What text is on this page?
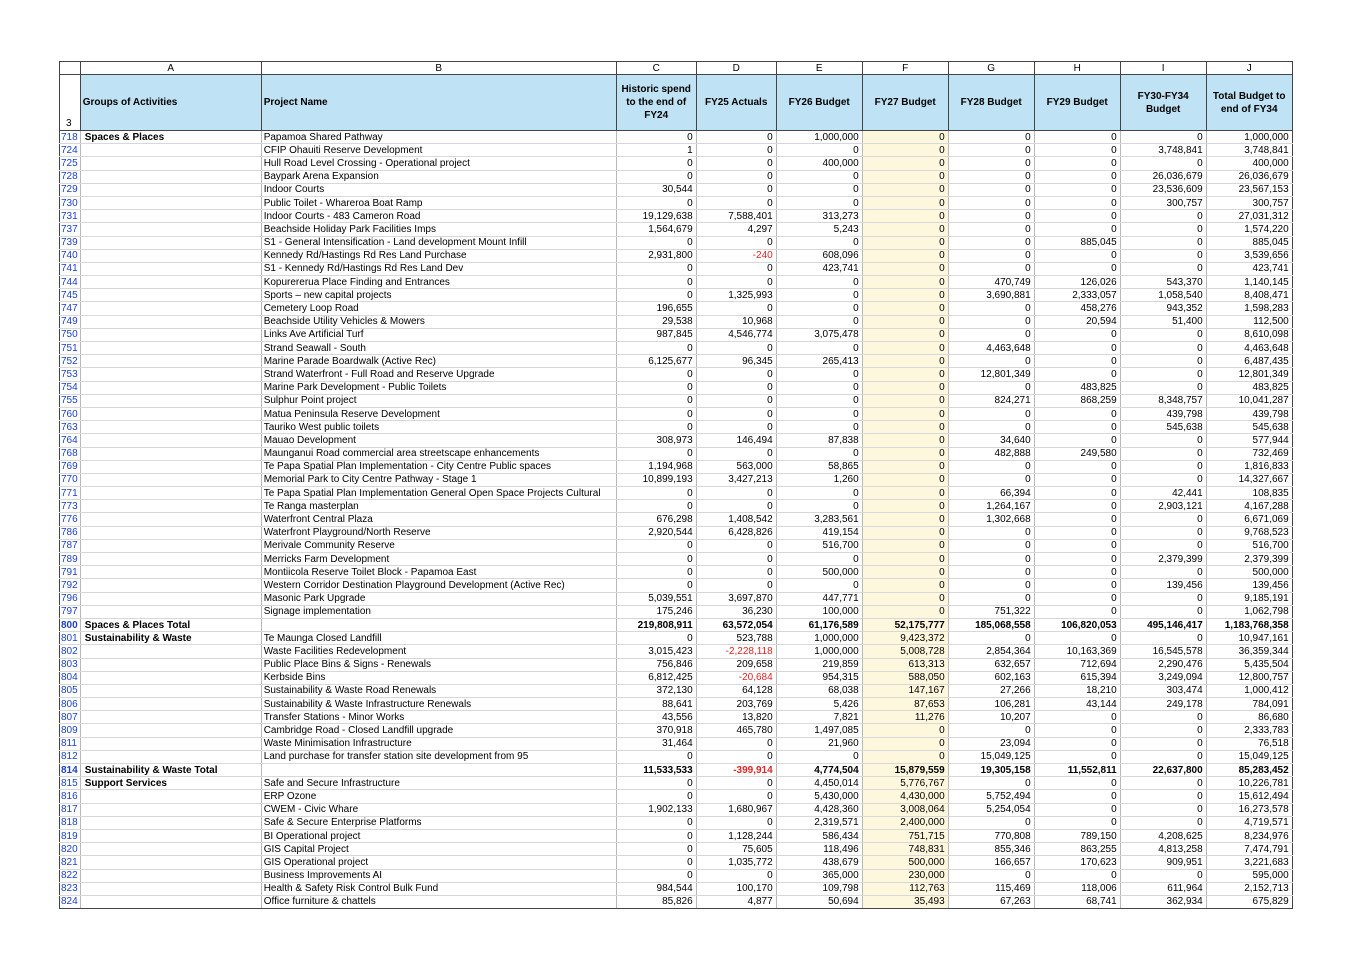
	A	B	C	D	E	F	G	H	I	J
3	Groups of Activities	Project Name	Historic spend to the end of FY24	FY25 Actuals	FY26 Budget	FY27 Budget	FY28 Budget	FY29 Budget	FY30-FY34 Budget	Total Budget to end of FY34
718	Spaces & Places	Papamoa Shared Pathway	0	0	1,000,000	0	0	0	0	1,000,000
724		CFIP Ohauiti Reserve Development	1	0	0	0	0	0	3,748,841	3,748,841
725		Hull Road Level Crossing - Operational project	0	0	400,000	0	0	0	0	400,000
728		Baypark Arena Expansion	0	0	0	0	0	0	26,036,679	26,036,679
729		Indoor Courts	30,544	0	0	0	0	0	23,536,609	23,567,153
730		Public Toilet - Whareroa Boat Ramp	0	0	0	0	0	0	300,757	300,757
731		Indoor Courts - 483 Cameron Road	19,129,638	7,588,401	313,273	0	0	0	0	27,031,312
737		Beachside Holiday Park Facilities Imps	1,564,679	4,297	5,243	0	0	0	0	1,574,220
739		S1 - General Intensification - Land development Mount Infill	0	0	0	0	0	885,045	0	885,045
740		Kennedy Rd/Hastings Rd Res Land Purchase	2,931,800	-240	608,096	0	0	0	0	3,539,656
741		S1 - Kennedy Rd/Hastings Rd Res Land Dev	0	0	423,741	0	0	0	0	423,741
744		Kopurererua Place Finding and Entrances	0	0	0	0	470,749	126,026	543,370	1,140,145
745		Sports – new capital projects	0	1,325,993	0	0	3,690,881	2,333,057	1,058,540	8,408,471
747		Cemetery Loop Road	196,655	0	0	0	0	458,276	943,352	1,598,283
749		Beachside Utility Vehicles & Mowers	29,538	10,968	0	0	0	20,594	51,400	112,500
750		Links Ave Artificial Turf	987,845	4,546,774	3,075,478	0	0	0	0	8,610,098
751		Strand Seawall - South	0	0	0	0	4,463,648	0	0	4,463,648
752		Marine Parade Boardwalk (Active Rec)	6,125,677	96,345	265,413	0	0	0	0	6,487,435
753		Strand Waterfront - Full Road and Reserve Upgrade	0	0	0	0	12,801,349	0	0	12,801,349
754		Marine Park Development - Public Toilets	0	0	0	0	0	483,825	0	483,825
755		Sulphur Point project	0	0	0	0	824,271	868,259	8,348,757	10,041,287
760		Matua Peninsula Reserve Development	0	0	0	0	0	0	439,798	439,798
763		Tauriko West public toilets	0	0	0	0	0	0	545,638	545,638
764		Mauao Development	308,973	146,494	87,838	0	34,640	0	0	577,944
768		Maunganui Road commercial area streetscape enhancements	0	0	0	0	482,888	249,580	0	732,469
769		Te Papa Spatial Plan Implementation - City Centre Public spaces	1,194,968	563,000	58,865	0	0	0	0	1,816,833
770		Memorial Park to City Centre Pathway - Stage 1	10,899,193	3,427,213	1,260	0	0	0	0	14,327,667
771		Te Papa Spatial Plan Implementation General Open Space Projects Cultural	0	0	0	0	66,394	0	42,441	108,835
773		Te Ranga masterplan	0	0	0	0	1,264,167	0	2,903,121	4,167,288
776		Waterfront Central Plaza	676,298	1,408,542	3,283,561	0	1,302,668	0	0	6,671,069
786		Waterfront Playground/North Reserve	2,920,544	6,428,826	419,154	0	0	0	0	9,768,523
787		Merivale Community Reserve	0	0	516,700	0	0	0	0	516,700
789		Merricks Farm Development	0	0	0	0	0	0	2,379,399	2,379,399
791		Montiicola Reserve Toilet Block - Papamoa East	0	0	500,000	0	0	0	0	500,000
792		Western Corridor Destination Playground Development (Active Rec)	0	0	0	0	0	0	139,456	139,456
796		Masonic Park Upgrade	5,039,551	3,697,870	447,771	0	0	0	0	9,185,191
797		Signage implementation	175,246	36,230	100,000	0	751,322	0	0	1,062,798
800	Spaces & Places Total		219,808,911	63,572,054	61,176,589	52,175,777	185,068,558	106,820,053	495,146,417	1,183,768,358
801	Sustainability & Waste	Te Maunga Closed Landfill	0	523,788	1,000,000	9,423,372	0	0	0	10,947,161
802		Waste Facilities Redevelopment	3,015,423	-2,228,118	1,000,000	5,008,728	2,854,364	10,163,369	16,545,578	36,359,344
803		Public Place Bins & Signs - Renewals	756,846	209,658	219,859	613,313	632,657	712,694	2,290,476	5,435,504
804		Kerbside Bins	6,812,425	-20,684	954,315	588,050	602,163	615,394	3,249,094	12,800,757
805		Sustainability & Waste Road Renewals	372,130	64,128	68,038	147,167	27,266	18,210	303,474	1,000,412
806		Sustainability & Waste Infrastructure Renewals	88,641	203,769	5,426	87,653	106,281	43,144	249,178	784,091
807		Transfer Stations - Minor Works	43,556	13,820	7,821	11,276	10,207	0	0	86,680
809		Cambridge Road - Closed Landfill upgrade	370,918	465,780	1,497,085	0	0	0	0	2,333,783
811		Waste Minimisation Infrastructure	31,464	0	21,960	0	23,094	0	0	76,518
812		Land purchase for transfer station site development from 95	0	0	0	0	15,049,125	0	0	15,049,125
814	Sustainability & Waste Total		11,533,533	-399,914	4,774,504	15,879,559	19,305,158	11,552,811	22,637,800	85,283,452
815	Support Services	Safe and Secure Infrastructure	0	0	4,450,014	5,776,767	0	0	0	10,226,781
816		ERP Ozone	0	0	5,430,000	4,430,000	5,752,494	0	0	15,612,494
817		CWEM - Civic Whare	1,902,133	1,680,967	4,428,360	3,008,064	5,254,054	0	0	16,273,578
818		Safe & Secure Enterprise Platforms	0	0	2,319,571	2,400,000	0	0	0	4,719,571
819		BI Operational project	0	1,128,244	586,434	751,715	770,808	789,150	4,208,625	8,234,976
820		GIS Capital Project	0	75,605	118,496	748,831	855,346	863,255	4,813,258	7,474,791
821		GIS Operational project	0	1,035,772	438,679	500,000	166,657	170,623	909,951	3,221,683
822		Business Improvements AI	0	0	365,000	230,000	0	0	0	595,000
823		Health & Safety Risk Control Bulk Fund	984,544	100,170	109,798	112,763	115,469	118,006	611,964	2,152,713
824		Office furniture & chattels	85,826	4,877	50,694	35,493	67,263	68,741	362,934	675,829
